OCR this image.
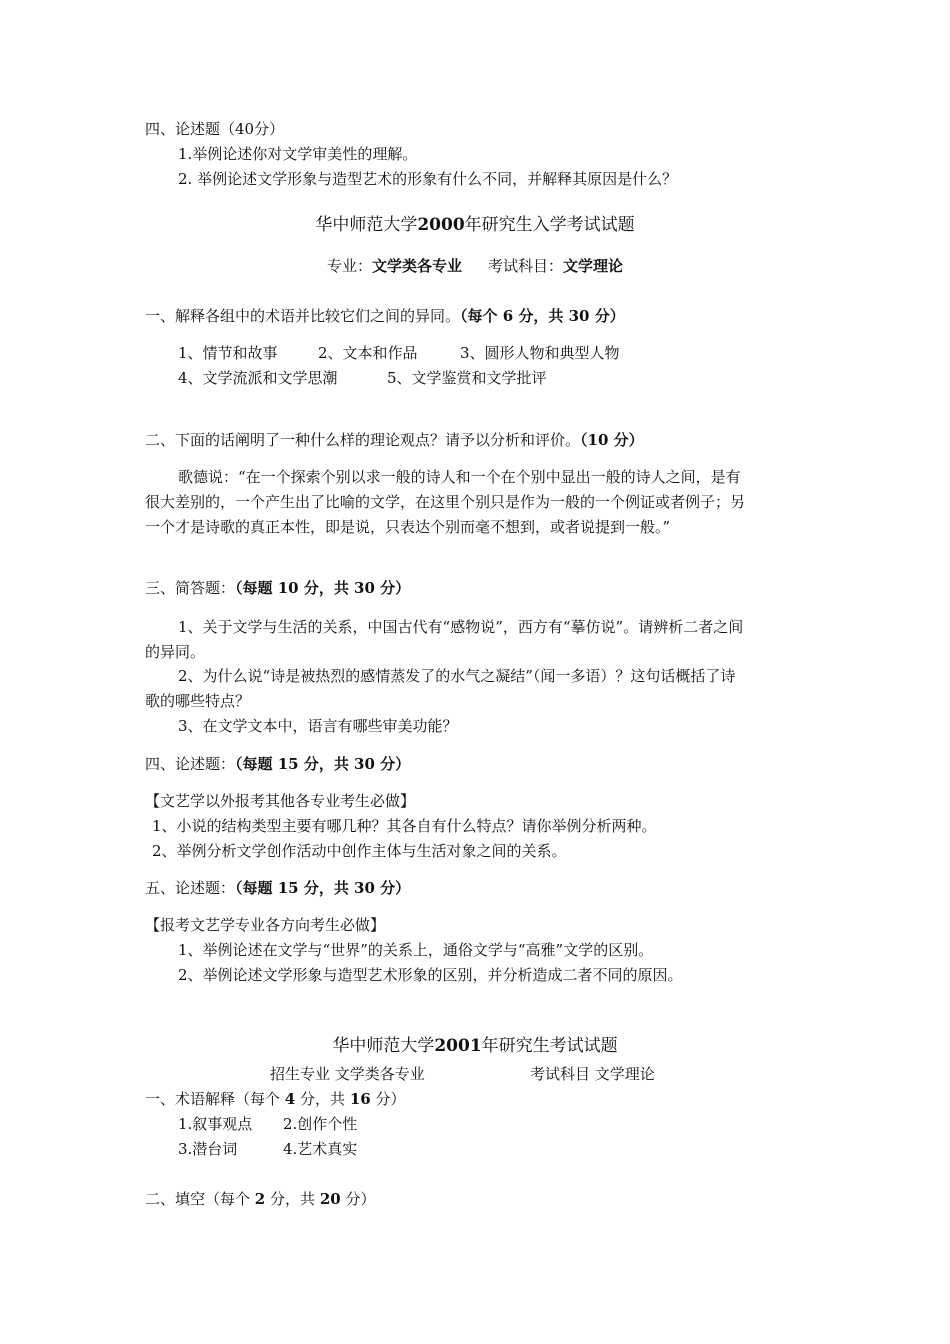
四、论述题（40分）
1.举例论述你对文学审美性的理解。
2. 举例论述文学形象与造型艺术的形象有什么不同，并解释其原因是什么？
华中师范大学2000年研究生入学考试试题
专业：文学类各专业 考试科目：文学理论
一、解释各组中的术语并比较它们之间的异同。（每个 6 分，共 30 分）
1、情节和故事	2、文本和作品	3、圆形人物和典型人物
4、文学流派和文学思潮	5、文学鉴赏和文学批评
二、下面的话阐明了一种什么样的理论观点？请予以分析和评价。（10 分）
歌德说：“在一个探索个别以求一般的诗人和一个在个别中显出一般的诗人之间，是有
很大差别的，一个产生出了比喻的文学，在这里个别只是作为一般的一个例证或者例子；另
一个才是诗歌的真正本性，即是说，只表达个别而毫不想到，或者说提到一般。”
三、简答题：（每题 10 分，共 30 分）
1、关于文学与生活的关系，中国古代有“感物说”，西方有“摹仿说”。请辨析二者之间
的异同。
2、为什么说“诗是被热烈的感情蒸发了的水气之凝结”（闻一多语）？这句话概括了诗
歌的哪些特点？
3、在文学文本中，语言有哪些审美功能？
四、论述题：（每题 15 分，共 30 分）
【文艺学以外报考其他各专业考生必做】
1、小说的结构类型主要有哪几种？其各自有什么特点？请你举例分析两种。
2、举例分析文学创作活动中创作主体与生活对象之间的关系。
五、论述题：（每题 15 分，共 30 分）
【报考文艺学专业各方向考生必做】
1、举例论述在文学与“世界”的关系上，通俗文学与“高雅”文学的区别。
2、举例论述文学形象与造型艺术形象的区别，并分析造成二者不同的原因。
华中师范大学2001年研究生考试试题
招生专业 文学类各专业	考试科目 文学理论
一、术语解释（每个 4 分，共 16 分）
1.叙事观点 2.创作个性
3.潜台词	4.艺术真实
二、填空（每个 2 分，共 20 分）
